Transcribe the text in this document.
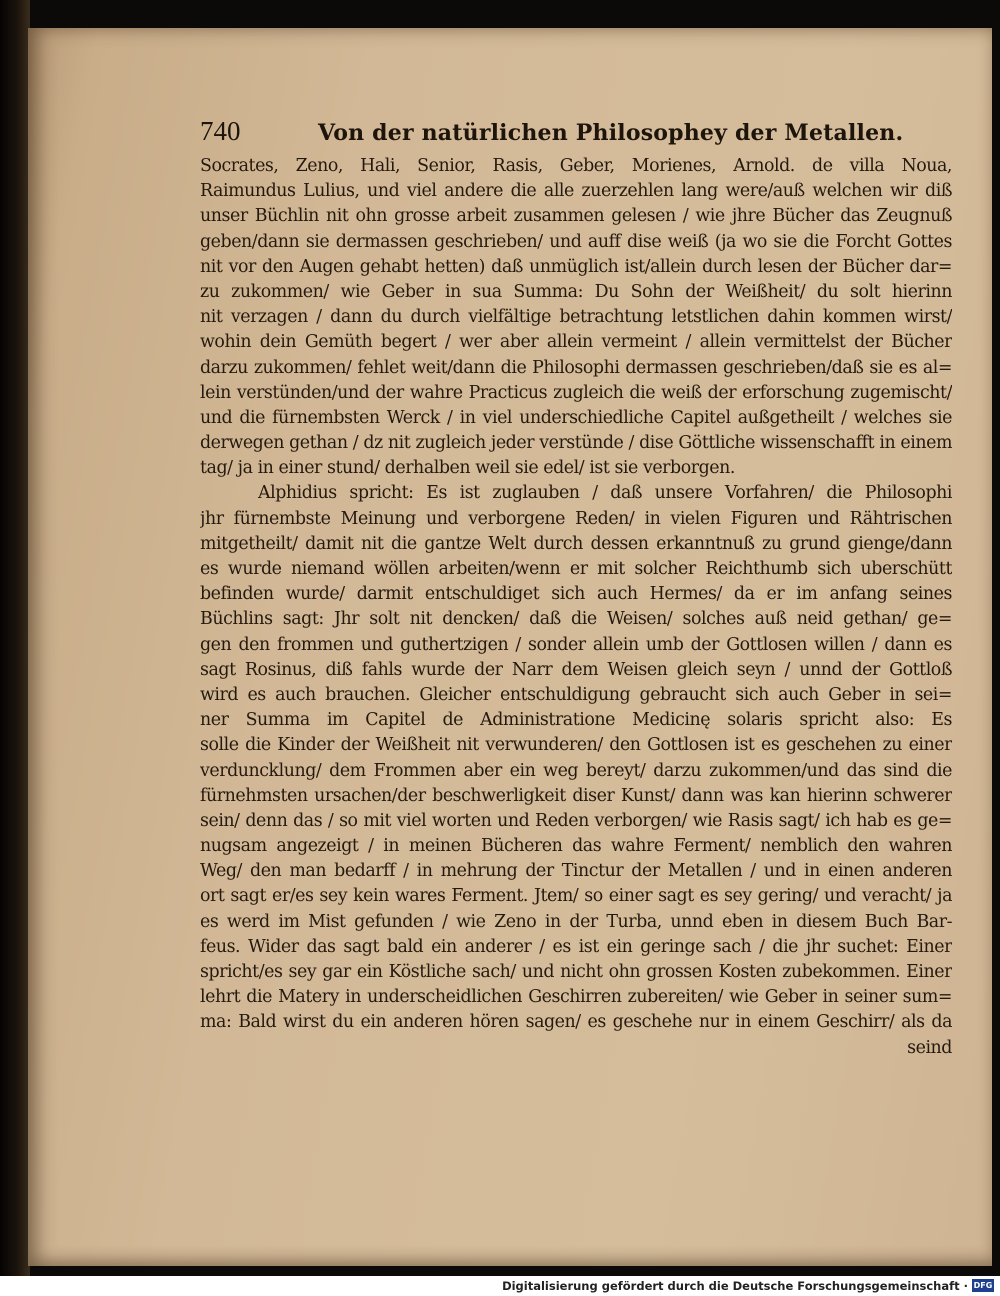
740	Von der natürlichen Philosophey der Metallen.
Socrates, Zeno, Hali, Senior, Rasis, Geber, Morienes, Arnold. de villa Noua,
Raimundus Lulius, und viel andere die alle zuerzehlen lang were/auß welchen wir diß
unser Büchlin nit ohn grosse arbeit zusammen gelesen / wie jhre Bücher das Zeugnuß
geben/dann sie dermassen geschrieben/ und auff dise weiß (ja wo sie die Forcht Gottes
nit vor den Augen gehabt hetten) daß unmüglich ist/allein durch lesen der Bücher dar=
zu zukommen/ wie Geber in sua Summa: Du Sohn der Weißheit/ du solt hierinn
nit verzagen / dann du durch vielfältige betrachtung letstlichen dahin kommen wirst/
wohin dein Gemüth begert / wer aber allein vermeint / allein vermittelst der Bücher
darzu zukommen/ fehlet weit/dann die Philosophi dermassen geschrieben/daß sie es al=
lein verstünden/und der wahre Practicus zugleich die weiß der erforschung zugemischt/
und die fürnembsten Werck / in viel underschiedliche Capitel außgetheilt / welches sie
derwegen gethan / dz nit zugleich jeder verstünde / dise Göttliche wissenschafft in einem
tag/ ja in einer stund/ derhalben weil sie edel/ ist sie verborgen.
Alphidius spricht: Es ist zuglauben / daß unsere Vorfahren/ die Philosophi
jhr fürnembste Meinung und verborgene Reden/ in vielen Figuren und Rähtrischen
mitgetheilt/ damit nit die gantze Welt durch dessen erkanntnuß zu grund gienge/dann
es wurde niemand wöllen arbeiten/wenn er mit solcher Reichthumb sich uberschütt
befinden wurde/ darmit entschuldiget sich auch Hermes/ da er im anfang seines
Büchlins sagt: Jhr solt nit dencken/ daß die Weisen/ solches auß neid gethan/ ge=
gen den frommen und guthertzigen / sonder allein umb der Gottlosen willen / dann es
sagt Rosinus, diß fahls wurde der Narr dem Weisen gleich seyn / unnd der Gottloß
wird es auch brauchen. Gleicher entschuldigung gebraucht sich auch Geber in sei=
ner Summa im Capitel de Administratione Medicinę solaris spricht also: Es
solle die Kinder der Weißheit nit verwunderen/ den Gottlosen ist es geschehen zu einer
verduncklung/ dem Frommen aber ein weg bereyt/ darzu zukommen/und das sind die
fürnehmsten ursachen/der beschwerligkeit diser Kunst/ dann was kan hierinn schwerer
sein/ denn das / so mit viel worten und Reden verborgen/ wie Rasis sagt/ ich hab es ge=
nugsam angezeigt / in meinen Bücheren das wahre Ferment/ nemblich den wahren
Weg/ den man bedarff / in mehrung der Tinctur der Metallen / und in einen anderen
ort sagt er/es sey kein wares Ferment. Jtem/ so einer sagt es sey gering/ und veracht/ ja
es werd im Mist gefunden / wie Zeno in der Turba, unnd eben in diesem Buch Bar-
feus. Wider das sagt bald ein anderer / es ist ein geringe sach / die jhr suchet: Einer
spricht/es sey gar ein Köstliche sach/ und nicht ohn grossen Kosten zubekommen. Einer
lehrt die Matery in underscheidlichen Geschirren zubereiten/ wie Geber in seiner sum=
ma: Bald wirst du ein anderen hören sagen/ es geschehe nur in einem Geschirr/ als da
seind
Digitalisierung gefördert durch die Deutsche Forschungsgemeinschaft · DFG
